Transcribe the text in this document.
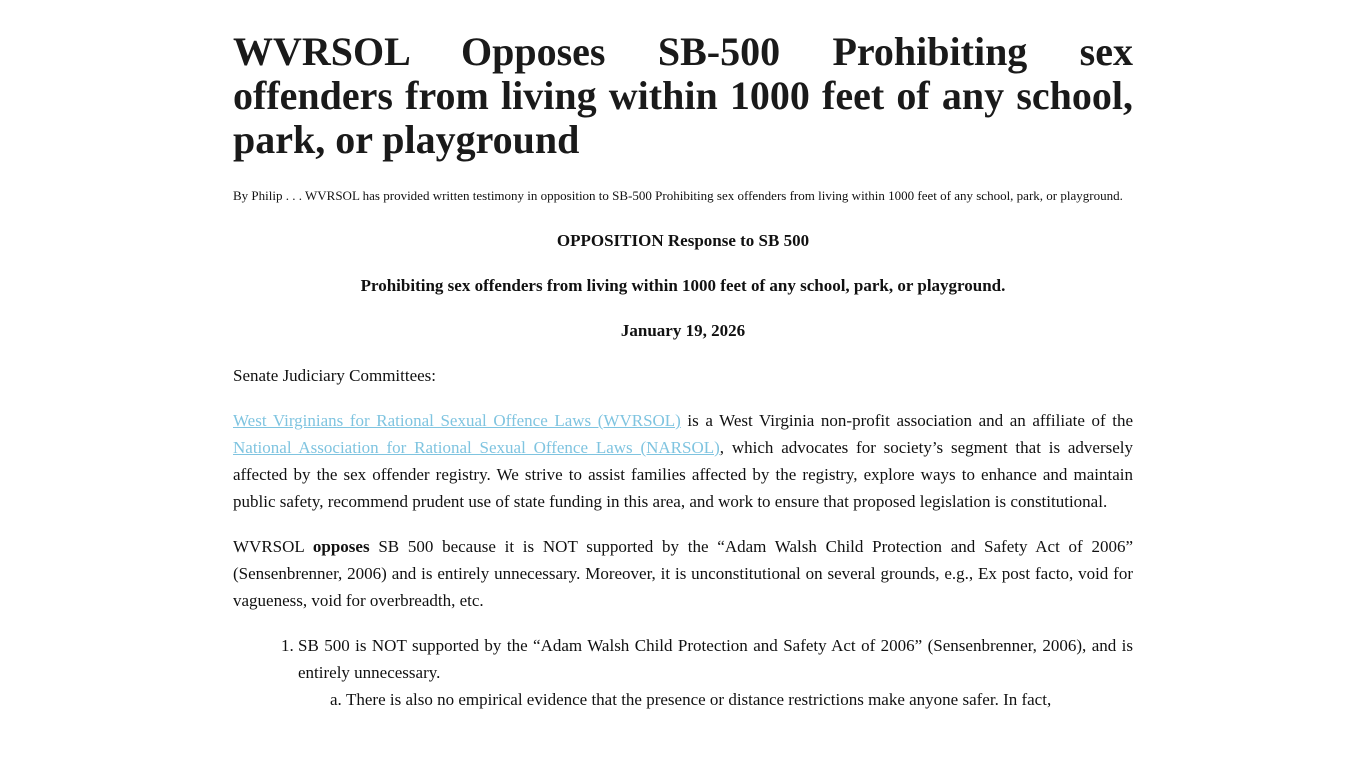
WVRSOL Opposes SB-500 Prohibiting sex offenders from living within 1000 feet of any school, park, or playground
By Philip . . . WVRSOL has provided written testimony in opposition to SB-500 Prohibiting sex offenders from living within 1000 feet of any school, park, or playground.

OPPOSITION Response to SB 500

Prohibiting sex offenders from living within 1000 feet of any school, park, or playground.

January 19, 2026

Senate Judiciary Committees:

West Virginians for Rational Sexual Offence Laws (WVRSOL) is a West Virginia non-profit association and an affiliate of the National Association for Rational Sexual Offence Laws (NARSOL), which advocates for society’s segment that is adversely affected by the sex offender registry. We strive to assist families affected by the registry, explore ways to enhance and maintain public safety, recommend prudent use of state funding in this area, and work to ensure that proposed legislation is constitutional.

WVRSOL opposes SB 500 because it is NOT supported by the “Adam Walsh Child Protection and Safety Act of 2006” (Sensenbrenner, 2006) and is entirely unnecessary. Moreover, it is unconstitutional on several grounds, e.g., Ex post facto, void for vagueness, void for overbreadth, etc.

1. SB 500 is NOT supported by the “Adam Walsh Child Protection and Safety Act of 2006” (Sensenbrenner, 2006), and is entirely unnecessary.
a. There is also no empirical evidence that the presence or distance restrictions make anyone safer. In fact,
